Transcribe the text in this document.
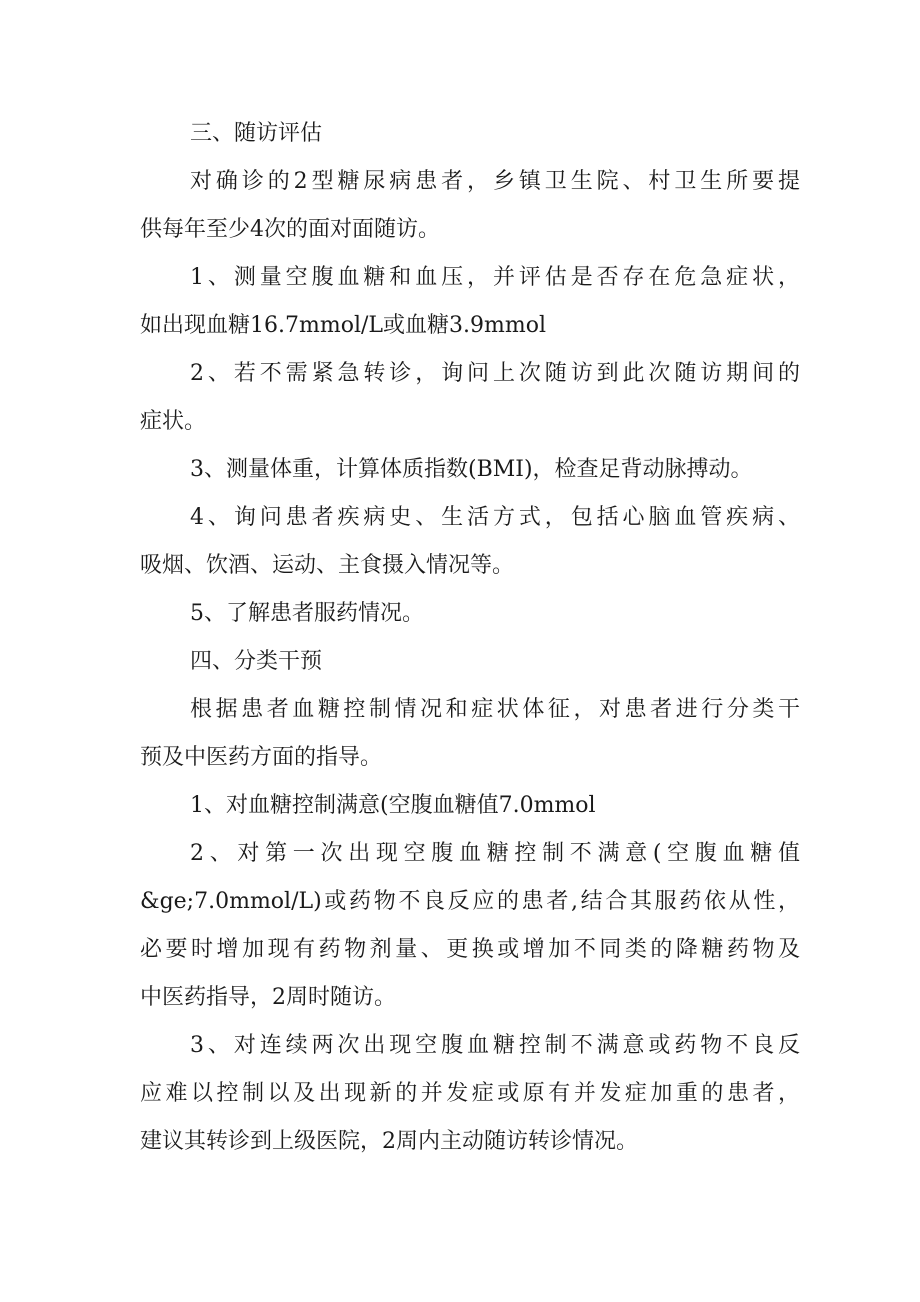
三、随访评估
对确诊的2型糖尿病患者，乡镇卫生院、村卫生所要提
供每年至少4次的面对面随访。
1、测量空腹血糖和血压，并评估是否存在危急症状，
如出现血糖16.7mmol/L或血糖3.9mmol
2、若不需紧急转诊，询问上次随访到此次随访期间的
症状。
3、测量体重，计算体质指数(BMI)，检查足背动脉搏动。
4、询问患者疾病史、生活方式，包括心脑血管疾病、
吸烟、饮酒、运动、主食摄入情况等。
5、了解患者服药情况。
四、分类干预
根据患者血糖控制情况和症状体征，对患者进行分类干
预及中医药方面的指导。
1、对血糖控制满意(空腹血糖值7.0mmol
2、对第一次出现空腹血糖控制不满意(空腹血糖值
&ge;7.0mmol/L)或药物不良反应的患者,结合其服药依从性，
必要时增加现有药物剂量、更换或增加不同类的降糖药物及
中医药指导，2周时随访。
3、对连续两次出现空腹血糖控制不满意或药物不良反
应难以控制以及出现新的并发症或原有并发症加重的患者，
建议其转诊到上级医院，2周内主动随访转诊情况。
